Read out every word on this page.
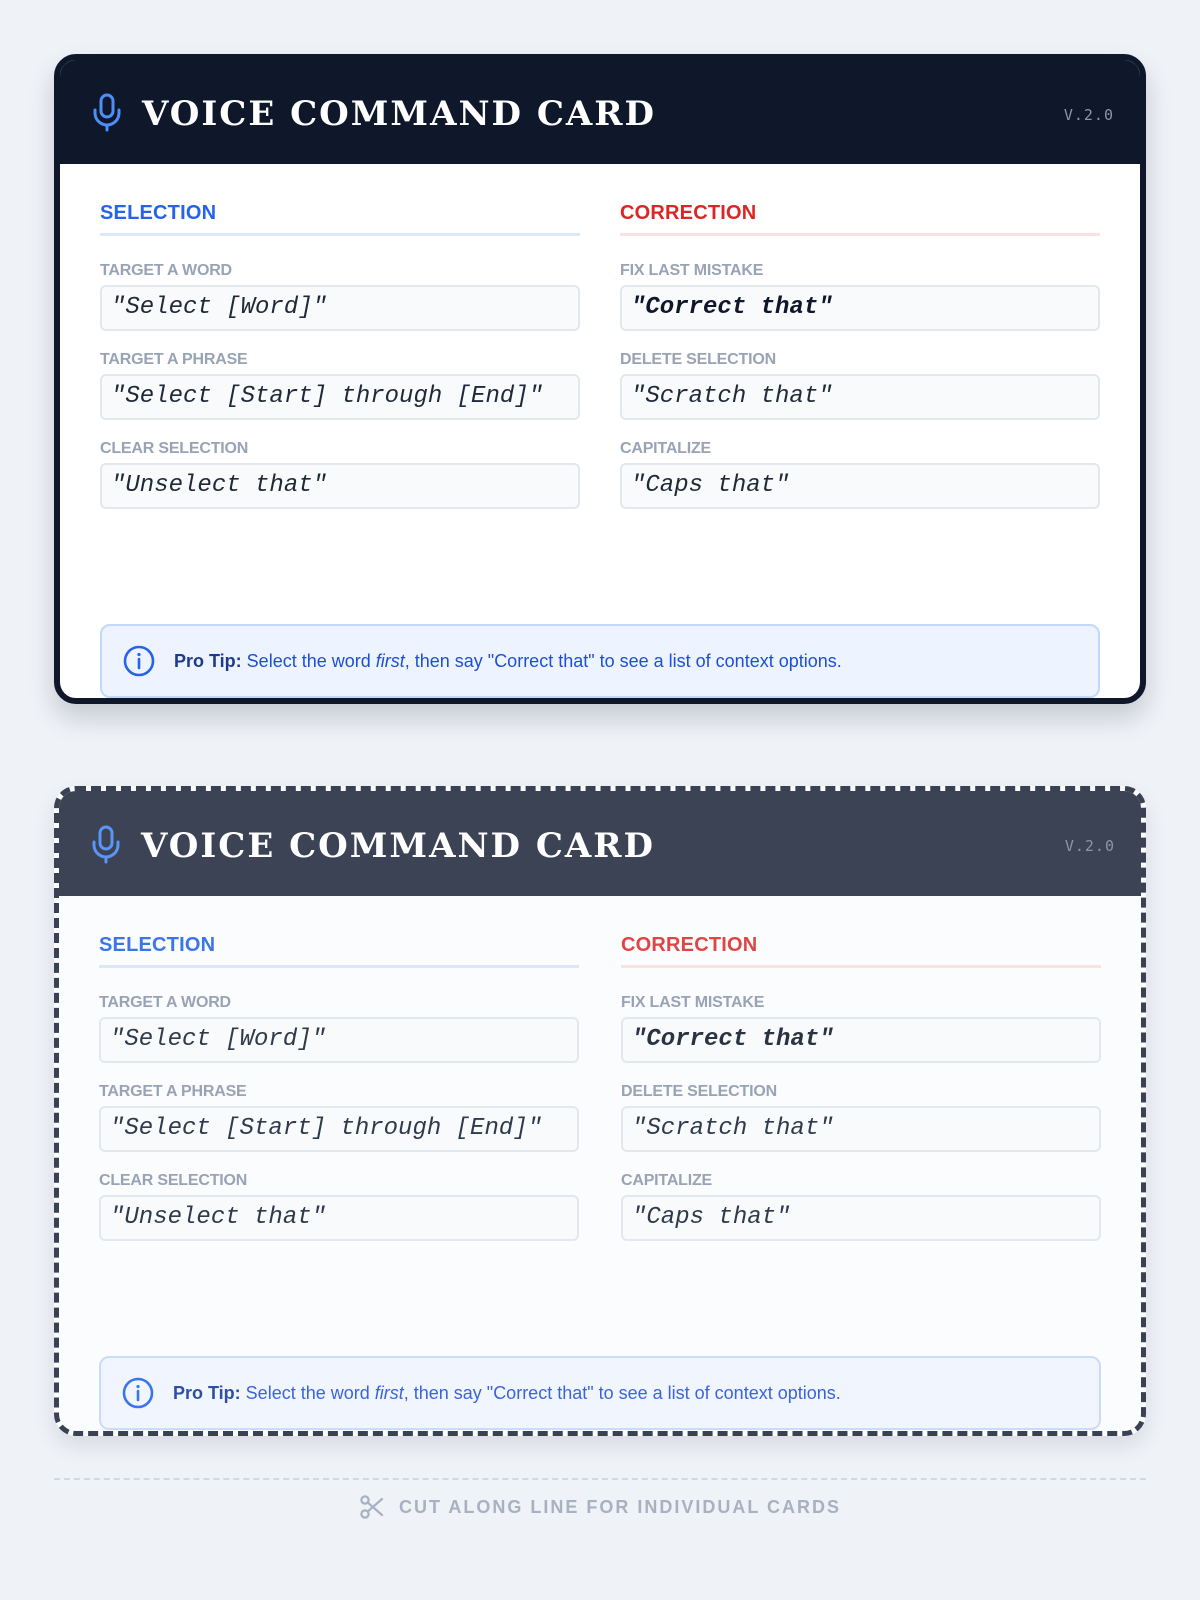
VOICE COMMAND CARD	V.2.0
SELECTION
TARGET A WORD
"Select [Word]"
TARGET A PHRASE
"Select [Start] through [End]"
CLEAR SELECTION
"Unselect that"
CORRECTION
FIX LAST MISTAKE
"Correct that"
DELETE SELECTION
"Scratch that"
CAPITALIZE
"Caps that"
Pro Tip: Select the word first, then say "Correct that" to see a list of context options.
VOICE COMMAND CARD	V.2.0
SELECTION
TARGET A WORD
"Select [Word]"
TARGET A PHRASE
"Select [Start] through [End]"
CLEAR SELECTION
"Unselect that"
CORRECTION
FIX LAST MISTAKE
"Correct that"
DELETE SELECTION
"Scratch that"
CAPITALIZE
"Caps that"
Pro Tip: Select the word first, then say "Correct that" to see a list of context options.
CUT ALONG LINE FOR INDIVIDUAL CARDS
